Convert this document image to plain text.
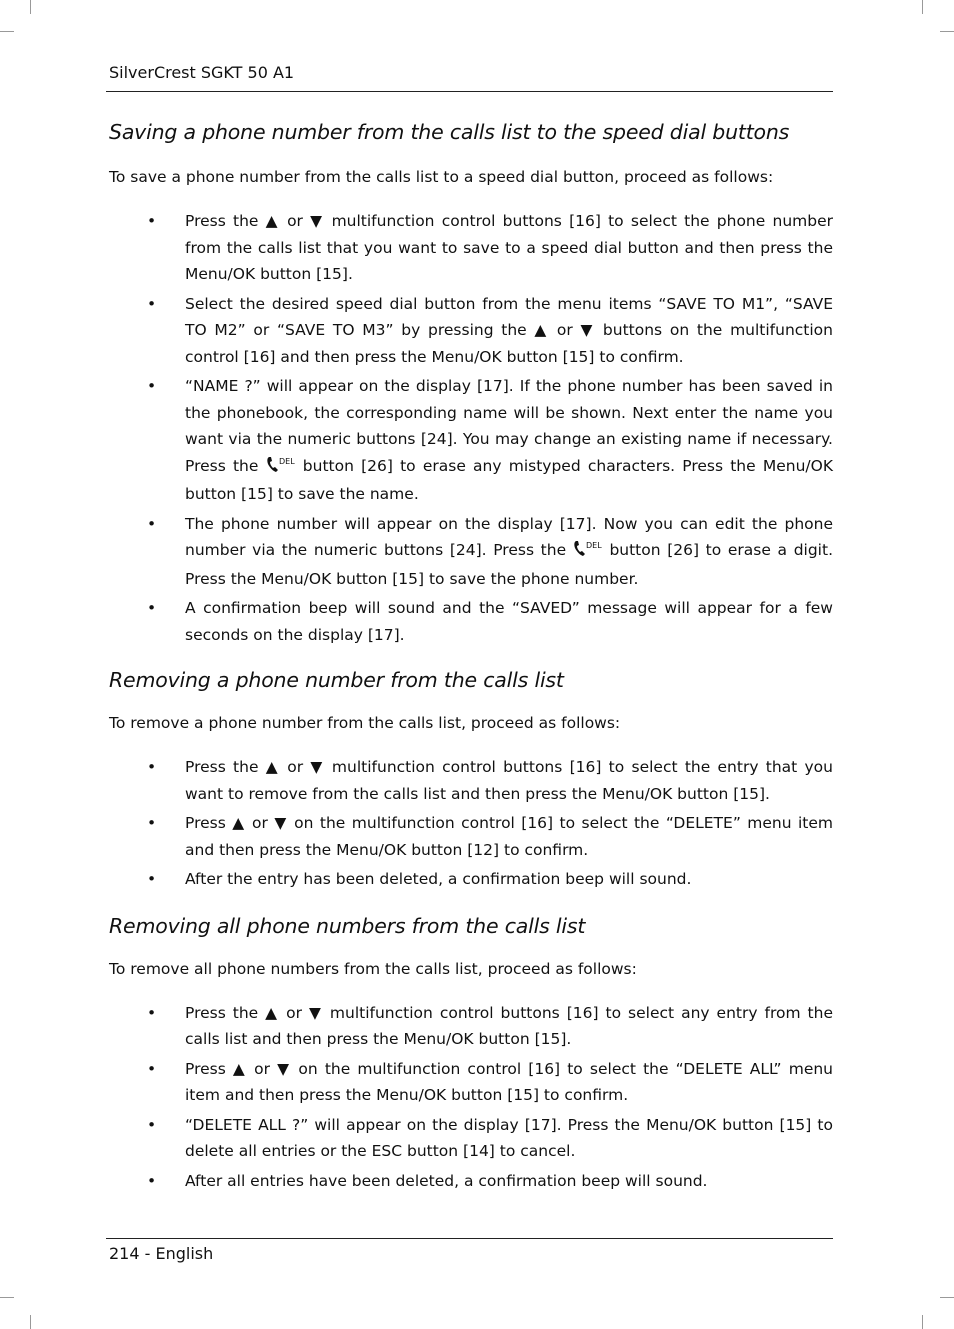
SilverCrest SGKT 50 A1
Saving a phone number from the calls list to the speed dial buttons

To save a phone number from the calls list to a speed dial button, proceed as follows:

• Press the ▲ or ▼ multifunction control buttons [16] to select the phone number from the calls list that you want to save to a speed dial button and then press the Menu/OK button [15].
• Select the desired speed dial button from the menu items “SAVE TO M1”, “SAVE TO M2” or “SAVE TO M3” by pressing the ▲ or ▼ buttons on the multifunction control [16] and then press the Menu/OK button [15] to confirm.
• “NAME ?” will appear on the display [17]. If the phone number has been saved in the phonebook, the corresponding name will be shown. Next enter the name you want via the numeric buttons [24]. You may change an existing name if necessary. Press the	DEL button [26] to erase any mistyped characters. Press the Menu/OK button [15] to save the name.
• The phone number will appear on the display [17]. Now you can edit the phone number via the numeric buttons [24]. Press the DEL button [26] to erase a digit. Press the Menu/OK button [15] to save the phone number.
• A confirmation beep will sound and the “SAVED” message will appear for a few seconds on the display [17].
Removing a phone number from the calls list

To remove a phone number from the calls list, proceed as follows:

• Press the ▲ or ▼ multifunction control buttons [16] to select the entry that you want to remove from the calls list and then press the Menu/OK button [15].
• Press ▲ or ▼ on the multifunction control [16] to select the “DELETE” menu item and then press the Menu/OK button [12] to confirm.
• After the entry has been deleted, a confirmation beep will sound.
Removing all phone numbers from the calls list

To remove all phone numbers from the calls list, proceed as follows:

• Press the ▲ or ▼ multifunction control buttons [16] to select any entry from the calls list and then press the Menu/OK button [15].
• Press ▲ or ▼ on the multifunction control [16] to select the “DELETE ALL” menu item and then press the Menu/OK button [15] to confirm.
• “DELETE ALL ?” will appear on the display [17]. Press the Menu/OK button [15] to delete all entries or the ESC button [14] to cancel.
• After all entries have been deleted, a confirmation beep will sound.
214 - English
